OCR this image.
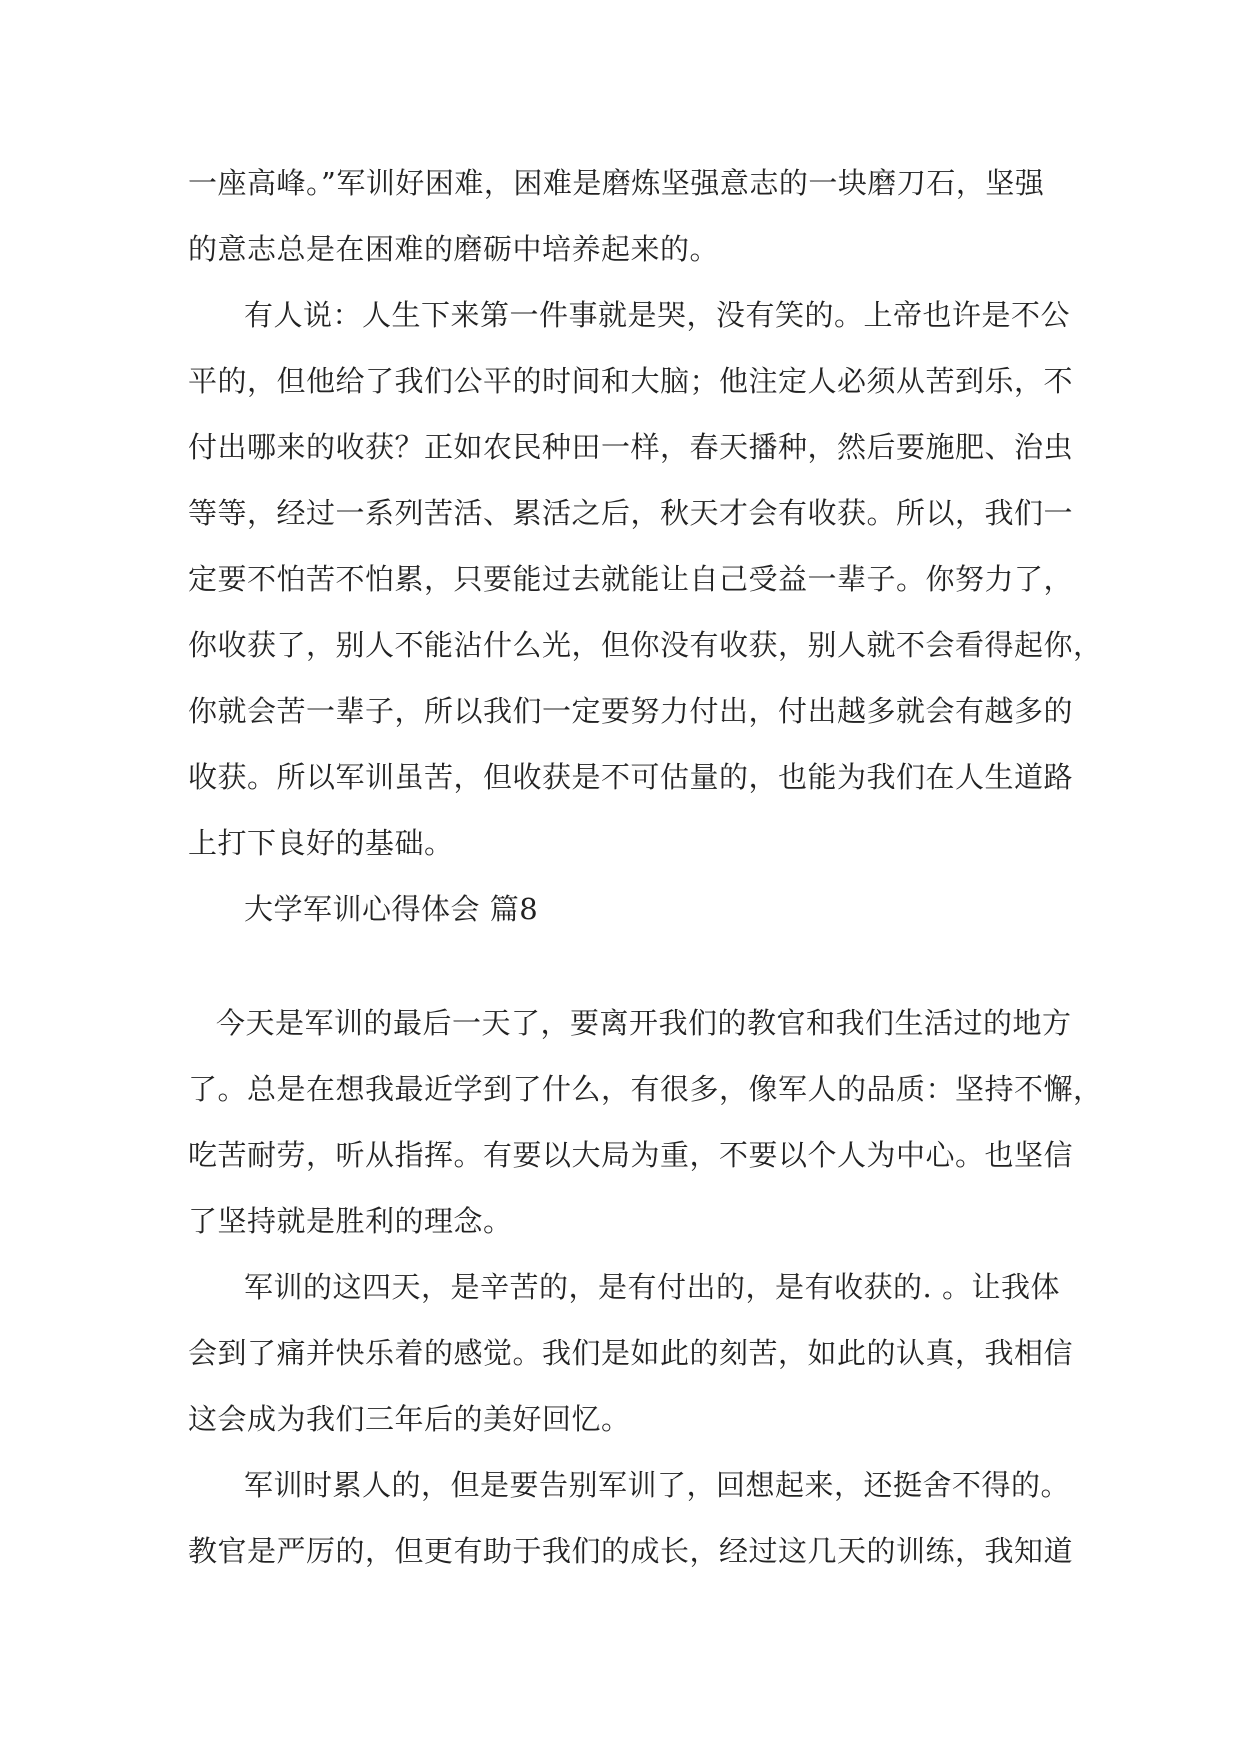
一座高峰。”军训好困难，困难是磨炼坚强意志的一块磨刀石，坚强
的意志总是在困难的磨砺中培养起来的。
有人说：人生下来第一件事就是哭，没有笑的。上帝也许是不公
平的，但他给了我们公平的时间和大脑；他注定人必须从苦到乐，不
付出哪来的收获？正如农民种田一样，春天播种，然后要施肥、治虫
等等，经过一系列苦活、累活之后，秋天才会有收获。所以，我们一
定要不怕苦不怕累，只要能过去就能让自己受益一辈子。你努力了，
你收获了，别人不能沾什么光，但你没有收获，别人就不会看得起你，
你就会苦一辈子，所以我们一定要努力付出，付出越多就会有越多的
收获。所以军训虽苦，但收获是不可估量的，也能为我们在人生道路
上打下良好的基础。
大学军训心得体会 篇8
今天是军训的最后一天了，要离开我们的教官和我们生活过的地方
了。总是在想我最近学到了什么，有很多，像军人的品质：坚持不懈，
吃苦耐劳，听从指挥。有要以大局为重，不要以个人为中心。也坚信
了坚持就是胜利的理念。
军训的这四天，是辛苦的，是有付出的，是有收获的. 。让我体
会到了痛并快乐着的感觉。我们是如此的刻苦，如此的认真，我相信
这会成为我们三年后的美好回忆。
军训时累人的，但是要告别军训了，回想起来，还挺舍不得的。
教官是严厉的，但更有助于我们的成长，经过这几天的训练，我知道
